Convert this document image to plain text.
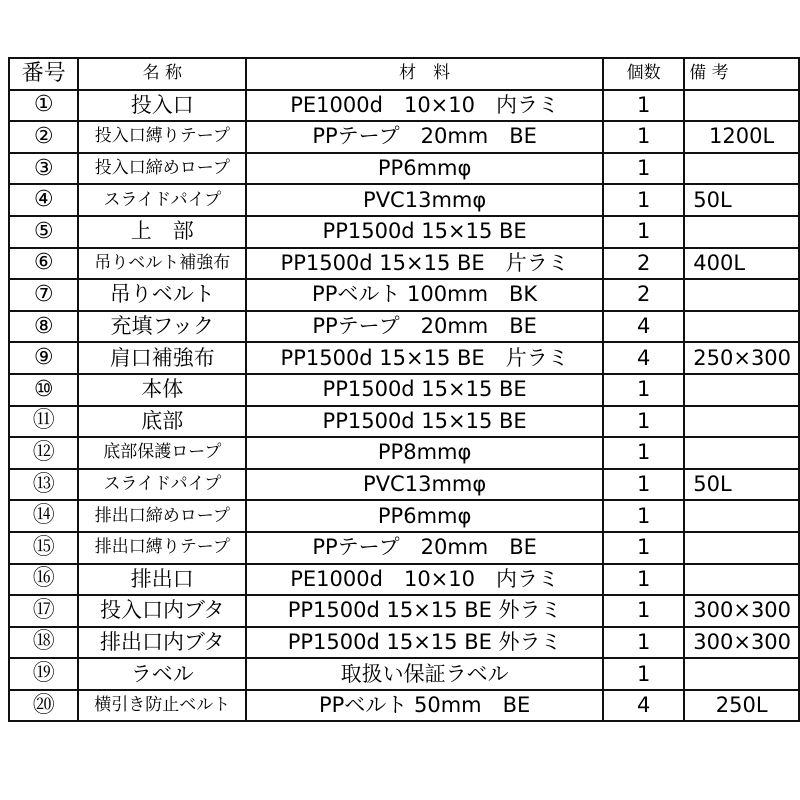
番号	名 称	材　料	個数	備 考
①	投入口	PE1000d　10×10　内ラミ	1	
②	投入口縛りテープ	PPテープ　20mm　BE	1	1200L
③	投入口締めロープ	PP6mmφ	1	
④	スライドパイプ	PVC13mmφ	1	50L
⑤	上　部	PP1500d 15×15 BE	1	
⑥	吊りベルト補強布	PP1500d 15×15 BE　片ラミ	2	400L
⑦	吊りベルト	PPベルト 100mm　BK	2	
⑧	充填フック	PPテープ　20mm　BE	4	
⑨	肩口補強布	PP1500d 15×15 BE　片ラミ	4	250×300
⑩	本体	PP1500d 15×15 BE	1	
⑪	底部	PP1500d 15×15 BE	1	
⑫	底部保護ロープ	PP8mmφ	1	
⑬	スライドパイプ	PVC13mmφ	1	50L
⑭	排出口締めロープ	PP6mmφ	1	
⑮	排出口縛りテープ	PPテープ　20mm　BE	1	
⑯	排出口	PE1000d　10×10　内ラミ	1	
⑰	投入口内ブタ	PP1500d 15×15 BE 外ラミ	1	300×300
⑱	排出口内ブタ	PP1500d 15×15 BE 外ラミ	1	300×300
⑲	ラベル	取扱い保証ラベル	1	
⑳	横引き防止ベルト	PPベルト 50mm　BE	4	250L
